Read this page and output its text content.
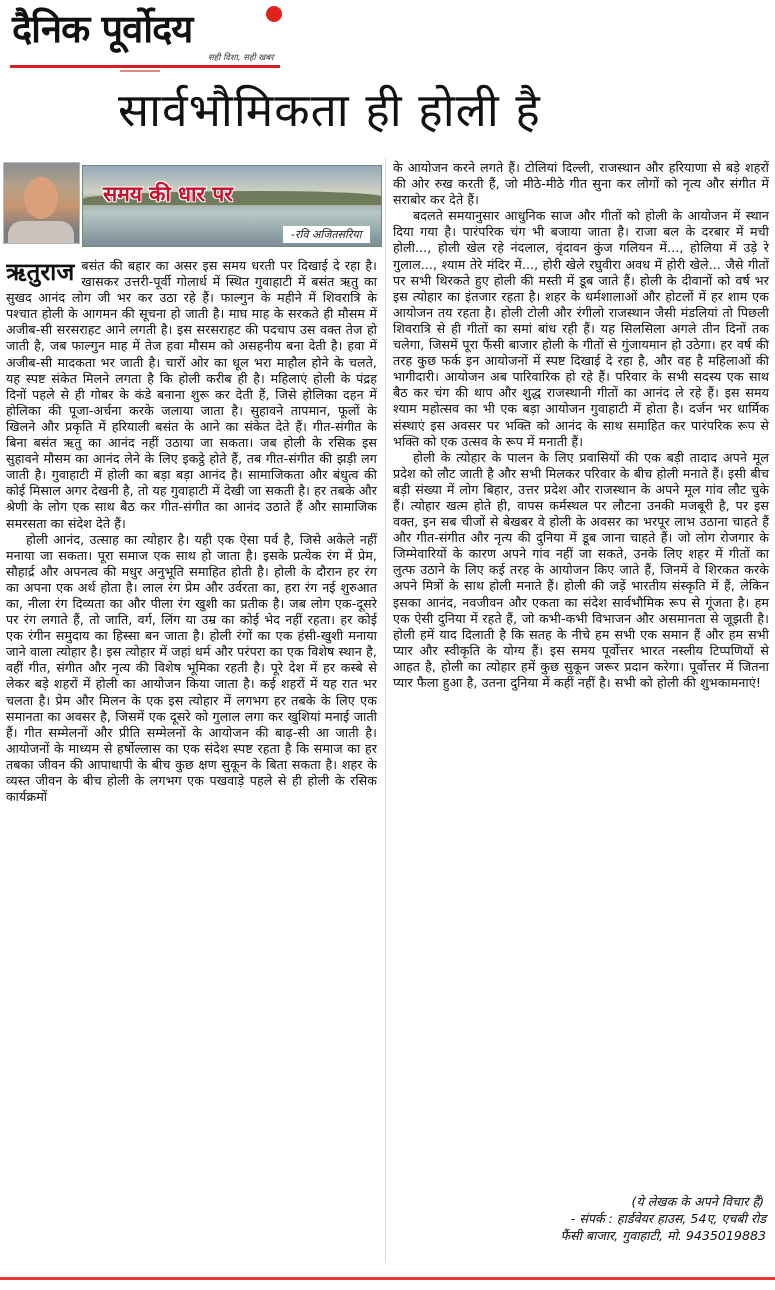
दैनिक पूर्वोदय
सही दिशा, सही खबर
सार्वभौमिकता ही होली है
समय की धार पर
-रवि अजितसरिया

ऋतुराज बसंत की बहार का असर इस समय धरती पर दिखाई दे रहा है। खासकर उत्तरी-पूर्वी गोलार्ध में स्थित गुवाहाटी में बसंत ऋतु का सुखद आनंद लोग जी भर कर उठा रहे हैं। फाल्गुन के महीने में शिवरात्रि के पश्चात होली के आगमन की सूचना हो जाती है। माघ माह के सरकते ही मौसम में अजीब-सी सरसराहट आने लगती है। इस सरसराहट की पदचाप उस वक्त तेज हो जाती है, जब फाल्गुन माह में तेज हवा मौसम को असहनीय बना देती है। हवा में अजीब-सी मादकता भर जाती है। चारों ओर का धूल भरा माहौल होने के चलते, यह स्पष्ट संकेत मिलने लगता है कि होली करीब ही है। महिलाएं होली के पंद्रह दिनों पहले से ही गोबर के कंडे बनाना शुरू कर देती हैं, जिसे होलिका दहन में होलिका की पूजा-अर्चना करके जलाया जाता है। सुहावने तापमान, फूलों के खिलने और प्रकृति में हरियाली बसंत के आने का संकेत देते हैं। गीत-संगीत के बिना बसंत ऋतु का आनंद नहीं उठाया जा सकता। जब होली के रसिक इस सुहावने मौसम का आनंद लेने के लिए इकट्ठे होते हैं, तब गीत-संगीत की झड़ी लग जाती है। गुवाहाटी में होली का बड़ा बड़ा आनंद है। सामाजिकता और बंधुत्व की कोई मिसाल अगर देखनी है, तो यह गुवाहाटी में देखी जा सकती है। हर तबके और श्रेणी के लोग एक साथ बैठ कर गीत-संगीत का आनंद उठाते हैं और सामाजिक समरसता का संदेश देते हैं।

होली आनंद, उत्साह का त्योहार है। यही एक ऐसा पर्व है, जिसे अकेले नहीं मनाया जा सकता। पूरा समाज एक साथ हो जाता है। इसके प्रत्येक रंग में प्रेम, सौहार्द्र और अपनत्व की मधुर अनुभूति समाहित होती है। होली के दौरान हर रंग का अपना एक अर्थ होता है। लाल रंग प्रेम और उर्वरता का, हरा रंग नई शुरुआत का, नीला रंग दिव्यता का और पीला रंग खुशी का प्रतीक है। जब लोग एक-दूसरे पर रंग लगाते हैं, तो जाति, वर्ग, लिंग या उम्र का कोई भेद नहीं रहता। हर कोई एक रंगीन समुदाय का हिस्सा बन जाता है। होली रंगों का एक हंसी-खुशी मनाया जाने वाला त्योहार है। इस त्योहार में जहां धर्म और परंपरा का एक विशेष स्थान है, वहीं गीत, संगीत और नृत्य की विशेष भूमिका रहती है। पूरे देश में हर कस्बे से लेकर बड़े शहरों में होली का आयोजन किया जाता है। कई शहरों में यह रात भर चलता है। प्रेम और मिलन के एक इस त्योहार में लगभग हर तबके के लिए एक समानता का अवसर है, जिसमें एक दूसरे को गुलाल लगा कर खुशियां मनाई जाती हैं। गीत सम्मेलनों और प्रीति सम्मेलनों के आयोजन की बाढ़-सी आ जाती है। आयोजनों के माध्यम से हर्षोल्लास का एक संदेश स्पष्ट रहता है कि समाज का हर तबका जीवन की आपाधापी के बीच कुछ क्षण सुकून के बिता सकता है। शहर के व्यस्त जीवन के बीच होली के लगभग एक पखवाड़े पहले से ही होली के रसिक कार्यक्रमों

के आयोजन करने लगते हैं। टोलियां दिल्ली, राजस्थान और हरियाणा से बड़े शहरों की ओर रुख करती हैं, जो मीठे-मीठे गीत सुना कर लोगों को नृत्य और संगीत में सराबोर कर देते हैं।

बदलते समयानुसार आधुनिक साज और गीतों को होली के आयोजन में स्थान दिया गया है। पारंपरिक चंग भी बजाया जाता है। राजा बल के दरबार में मची होली..., होली खेल रहे नंदलाल, वृंदावन कुंज गलियन में..., होलिया में उड़े रे गुलाल..., श्याम तेरे मंदिर में..., होरी खेले रघुवीरा अवध में होरी खेले... जैसे गीतों पर सभी थिरकते हुए होली की मस्ती में डूब जाते हैं। होली के दीवानों को वर्ष भर इस त्योहार का इंतजार रहता है। शहर के धर्मशालाओं और होटलों में हर शाम एक आयोजन तय रहता है। होली टोली और रंगीलो राजस्थान जैसी मंडलियां तो पिछली शिवरात्रि से ही गीतों का समां बांध रही हैं। यह सिलसिला अगले तीन दिनों तक चलेगा, जिसमें पूरा फैंसी बाजार होली के गीतों से गुंजायमान हो उठेगा। हर वर्ष की तरह कुछ फर्क इन आयोजनों में स्पष्ट दिखाई दे रहा है, और वह है महिलाओं की भागीदारी। आयोजन अब पारिवारिक हो रहे हैं। परिवार के सभी सदस्य एक साथ बैठ कर चंग की थाप और शुद्ध राजस्थानी गीतों का आनंद ले रहे हैं। इस समय श्याम महोत्सव का भी एक बड़ा आयोजन गुवाहाटी में होता है। दर्जन भर धार्मिक संस्थाएं इस अवसर पर भक्ति को आनंद के साथ समाहित कर पारंपरिक रूप से भक्ति को एक उत्सव के रूप में मनाती हैं।

होली के त्योहार के पालन के लिए प्रवासियों की एक बड़ी तादाद अपने मूल प्रदेश को लौट जाती है और सभी मिलकर परिवार के बीच होली मनाते हैं। इसी बीच बड़ी संख्या में लोग बिहार, उत्तर प्रदेश और राजस्थान के अपने मूल गांव लौट चुके हैं। त्योहार खत्म होते ही, वापस कर्मस्थल पर लौटना उनकी मजबूरी है, पर इस वक्त, इन सब चीजों से बेखबर वे होली के अवसर का भरपूर लाभ उठाना चाहते हैं और गीत-संगीत और नृत्य की दुनिया में डूब जाना चाहते हैं। जो लोग रोजगार के जिम्मेवारियों के कारण अपने गांव नहीं जा सकते, उनके लिए शहर में गीतों का लुत्फ उठाने के लिए कई तरह के आयोजन किए जाते हैं, जिनमें वे शिरकत करके अपने मित्रों के साथ होली मनाते हैं। होली की जड़ें भारतीय संस्कृति में हैं, लेकिन इसका आनंद, नवजीवन और एकता का संदेश सार्वभौमिक रूप से गूंजता है। हम एक ऐसी दुनिया में रहते हैं, जो कभी-कभी विभाजन और असमानता से जूझती है। होली हमें याद दिलाती है कि सतह के नीचे हम सभी एक समान हैं और हम सभी प्यार और स्वीकृति के योग्य हैं। इस समय पूर्वोत्तर भारत नस्लीय टिप्पणियों से आहत है, होली का त्योहार हमें कुछ सुकून जरूर प्रदान करेगा। पूर्वोत्तर में जितना प्यार फैला हुआ है, उतना दुनिया में कहीं नहीं है। सभी को होली की शुभकामनाएं!

(ये लेखक के अपने विचार हैं)
- संपर्क : हार्डवेयर हाउस, 54ए, एचबी रोड
फैंसी बाजार, गुवाहाटी, मो. 9435019883
